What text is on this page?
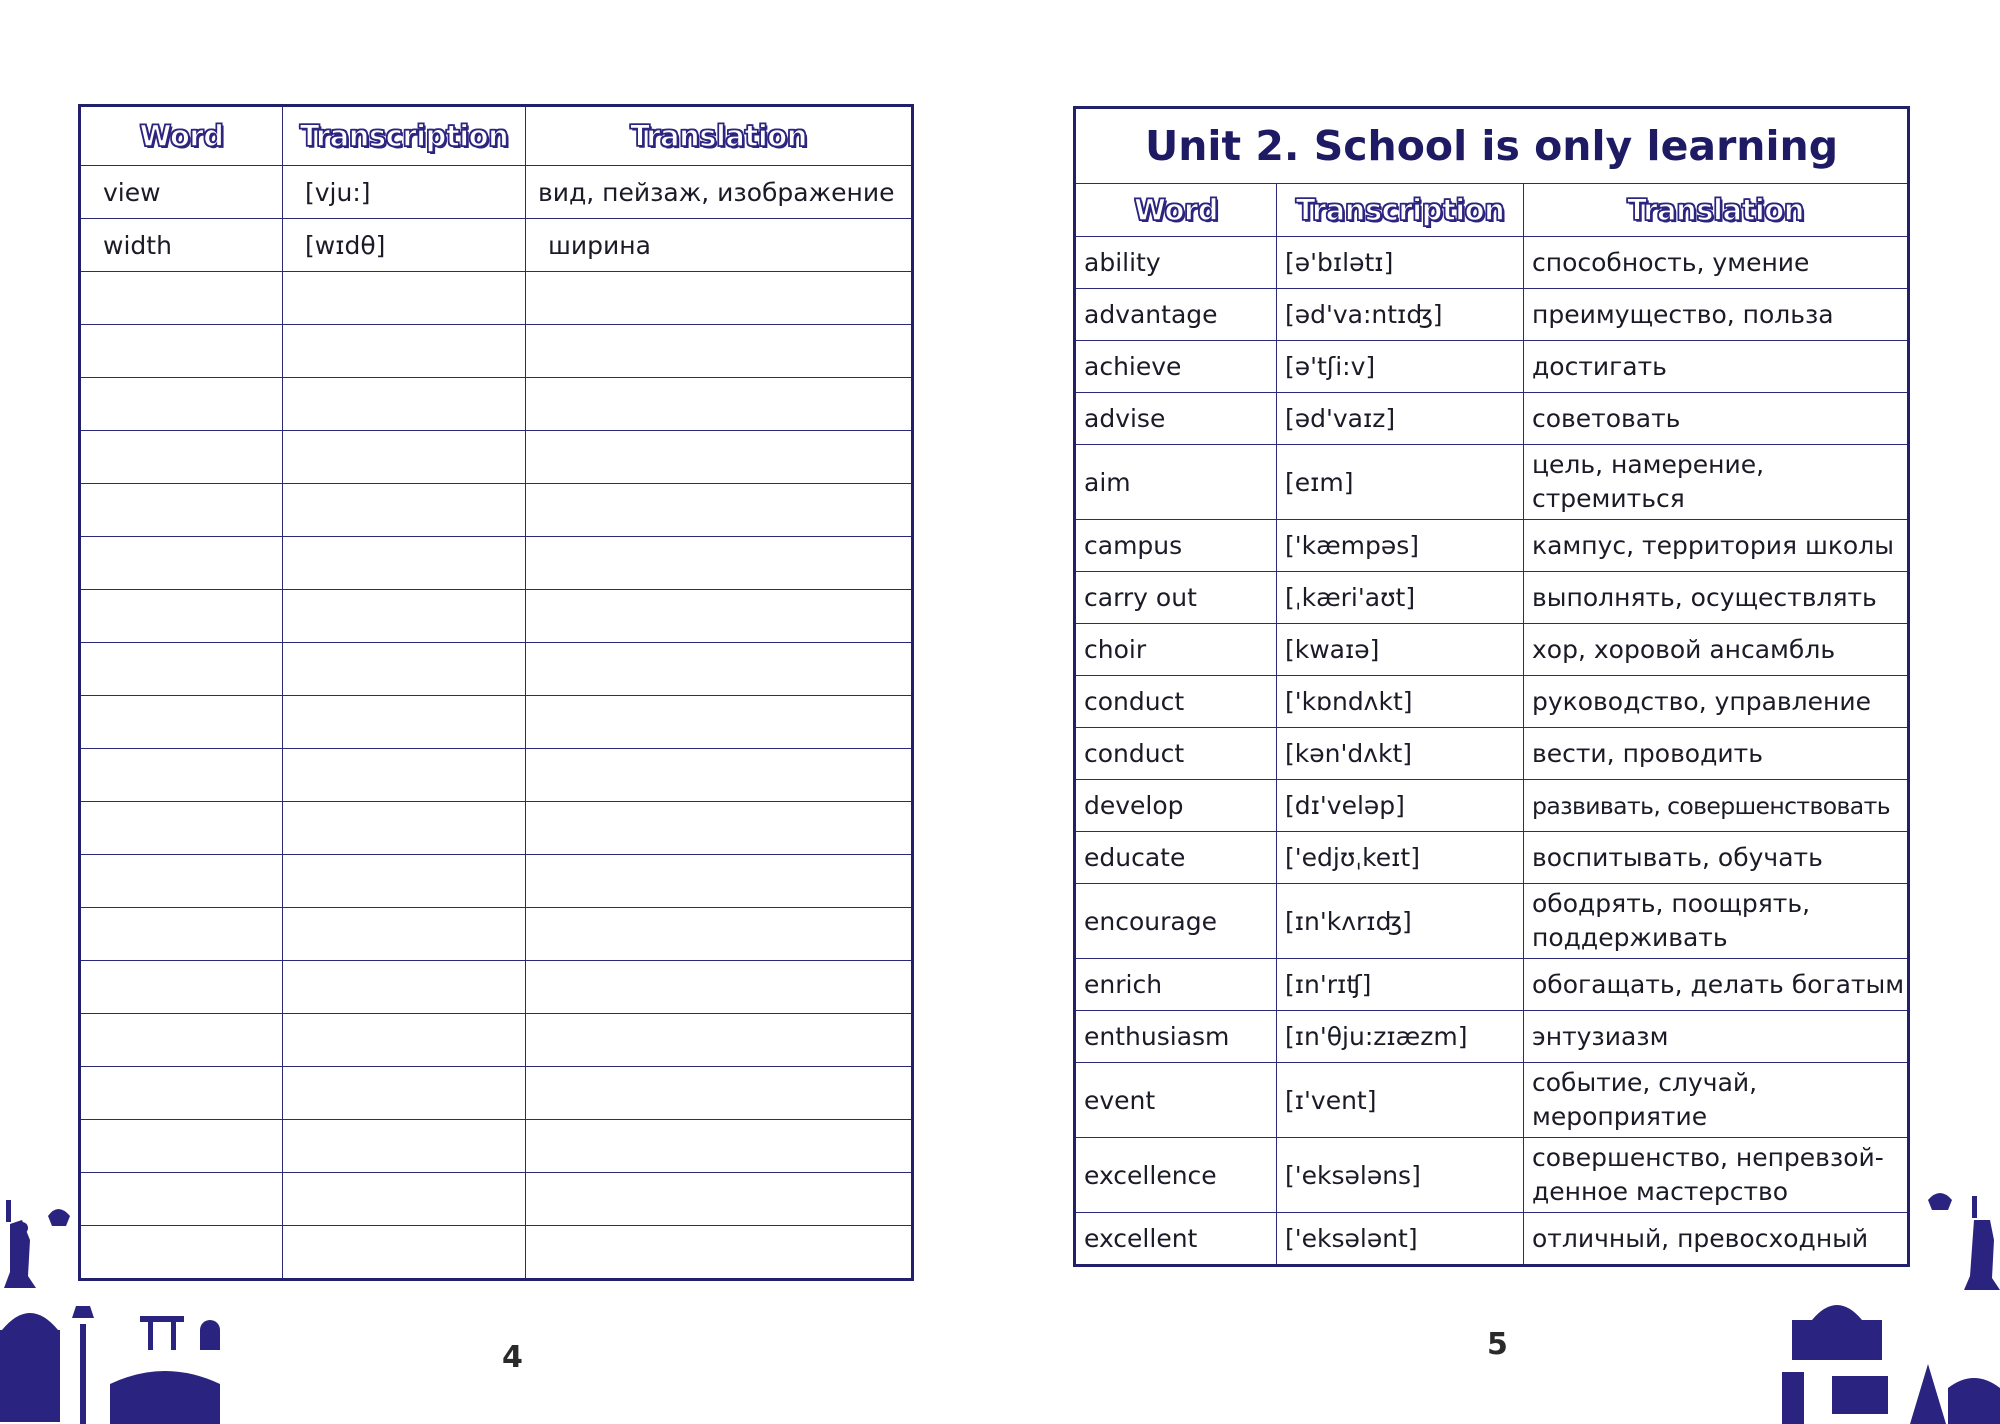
Word	Transcription	Translation
view	[vju:]	вид, пейзаж, изображение
width	[wɪdθ]	ширина

4
Unit 2. School is only learning		
Word	Transcription	Translation
ability	[ə'bɪlətɪ]	способность, умение
advantage	[əd'va:ntɪʤ]	преимущество, польза
achieve	[ə'tʃi:v]	достигать
advise	[əd'vaɪz]	советовать
aim	[eɪm]	цель, намерение, стремиться
campus	['kæmpəs]	кампус, территория школы
carry out	[ˌkæri'aʊt]	выполнять, осуществлять
choir	[kwaɪə]	хор, хоровой ансамбль
conduct	['kɒndʌkt]	руководство, управление
conduct	[kən'dʌkt]	вести, проводить
develop	[dɪ'veləp]	развивать, совершенствовать
educate	['edjʊˌkeɪt]	воспитывать, обучать
encourage	[ɪn'kʌrɪʤ]	ободрять, поощрять, поддерживать
enrich	[ɪn'rɪʧ]	обогащать, делать богатым
enthusiasm	[ɪn'θju:zɪæzm]	энтузиазм
event	[ɪ'vent]	событие, случай, мероприятие
excellence	['eksələns]	совершенство, непревзой-денное мастерство
excellent	['eksələnt]	отличный, превосходный
5
